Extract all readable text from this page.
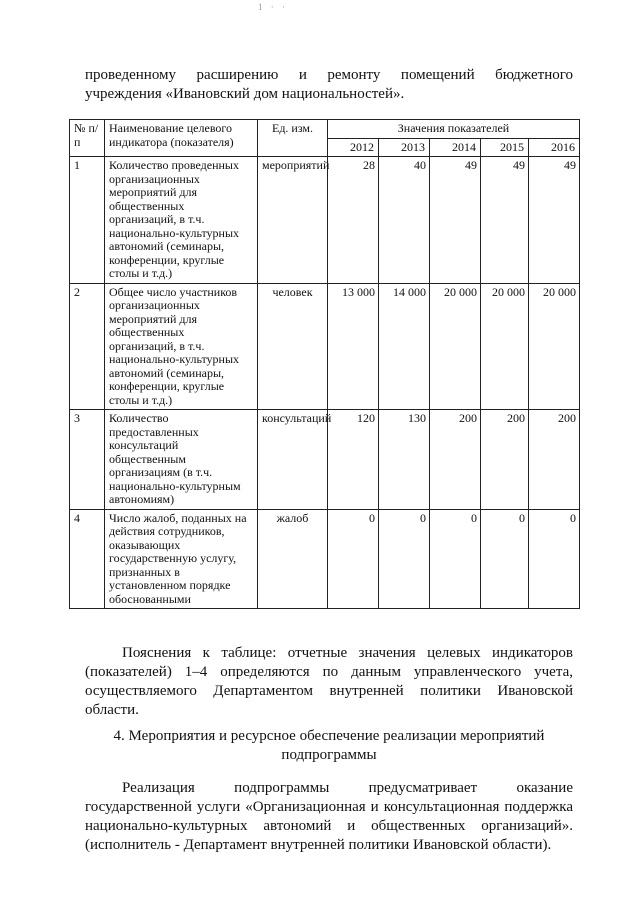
1 · ·
проведенному расширению и ремонту помещений бюджетного
учреждения «Ивановский дом национальностей».
№ п/п	Наименование целевого индикатора (показателя)	Ед. изм.	Значения показателей				
			2012	2013	2014	2015	2016
1	Количество проведенных организационных мероприятий для общественных организаций, в т.ч. национально-культурных автономий (семинары, конференции, круглые столы и т.д.)	мероприятий	28	40	49	49	49
2	Общее число участников организационных мероприятий для общественных организаций, в т.ч. национально-культурных автономий (семинары, конференции, круглые столы и т.д.)	человек	13 000	14 000	20 000	20 000	20 000
3	Количество предоставленных консультаций общественным организациям (в т.ч. национально-культурным автономиям)	консультаций	120	130	200	200	200
4	Число жалоб, поданных на действия сотрудников, оказывающих государственную услугу, признанных в установленном порядке обоснованными	жалоб	0	0	0	0	0
Пояснения к таблице: отчетные значения целевых индикаторов
(показателей) 1–4 определяются по данным управленческого учета,
осуществляемого Департаментом внутренней политики Ивановской
области.
4. Мероприятия и ресурсное обеспечение реализации мероприятий
подпрограммы
Реализация подпрограммы предусматривает оказание
государственной услуги «Организационная и консультационная поддержка
национально-культурных автономий и общественных организаций».
(исполнитель - Департамент внутренней политики Ивановской области).
